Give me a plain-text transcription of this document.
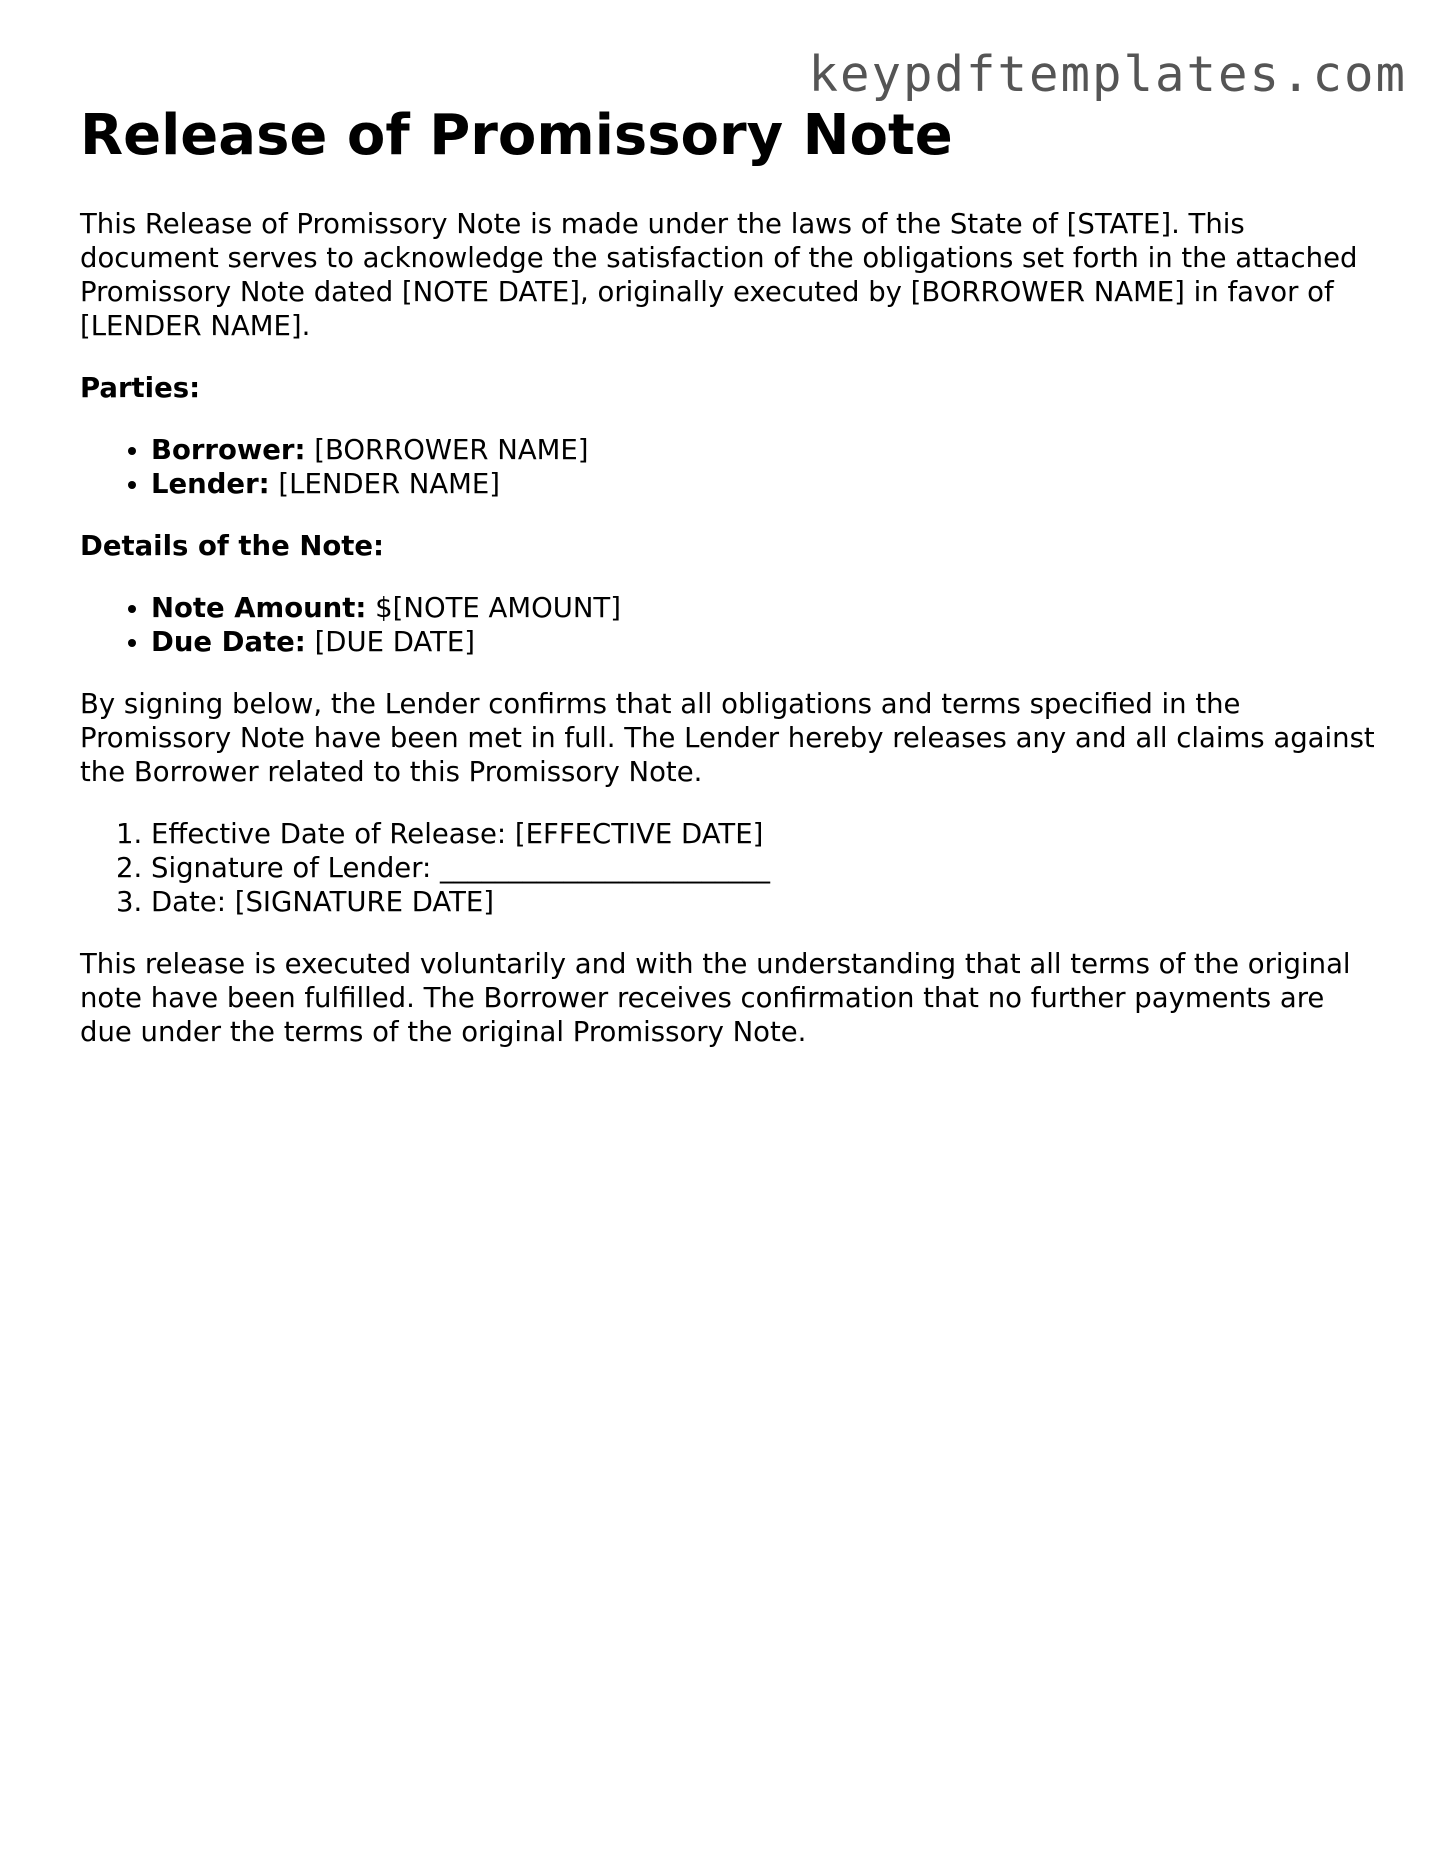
keypdftemplates.com
Release of Promissory Note

This Release of Promissory Note is made under the laws of the State of [STATE]. This document serves to acknowledge the satisfaction of the obligations set forth in the attached Promissory Note dated [NOTE DATE], originally executed by [BORROWER NAME] in favor of [LENDER NAME].

Parties:

• Borrower: [BORROWER NAME]
• Lender: [LENDER NAME]

Details of the Note:

• Note Amount: $[NOTE AMOUNT]
• Due Date: [DUE DATE]

By signing below, the Lender confirms that all obligations and terms specified in the Promissory Note have been met in full. The Lender hereby releases any and all claims against the Borrower related to this Promissory Note.

1. Effective Date of Release: [EFFECTIVE DATE]
2. Signature of Lender: ________________________
3. Date: [SIGNATURE DATE]

This release is executed voluntarily and with the understanding that all terms of the original note have been fulfilled. The Borrower receives confirmation that no further payments are due under the terms of the original Promissory Note.
